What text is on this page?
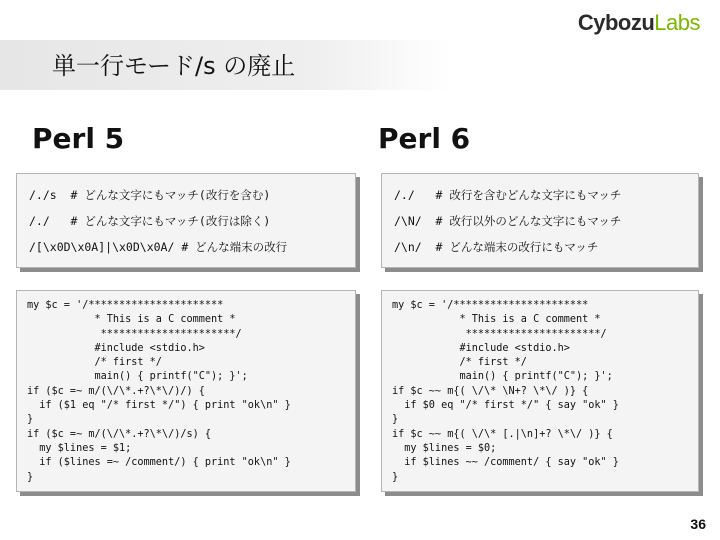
CybozuLabs
単一行モード/s の廃止
Perl 5	Perl 6
/./s  # どんな文字にもマッチ(改行を含む)
/./   # どんな文字にもマッチ(改行は除く)
/[\x0D\x0A]|\x0D\x0A/ # どんな端末の改行
/./   # 改行を含むどんな文字にもマッチ
/\N/  # 改行以外のどんな文字にもマッチ
/\n/  # どんな端末の改行にもマッチ
my $c = '/**********************
* This is a C comment *
**********************/
#include <stdio.h>
/* first */
main() { printf("C"); }';
if ($c =~ m/(\/\*.+?\*\/)/) {
if ($1 eq "/* first */") { print "ok\n" }
}
if ($c =~ m/(\/\*.+?\*\/)/s) {
my $lines = $1;
if ($lines =~ /comment/) { print "ok\n" }
}
my $c = '/**********************
* This is a C comment *
**********************/
#include <stdio.h>
/* first */
main() { printf("C"); }';
if $c ~~ m{( \/\* \N+? \*\/ )} {
if $0 eq "/* first */" { say "ok" }
}
if $c ~~ m{( \/\* [.|\n]+? \*\/ )} {
my $lines = $0;
if $lines ~~ /comment/ { say "ok" }
}
36
